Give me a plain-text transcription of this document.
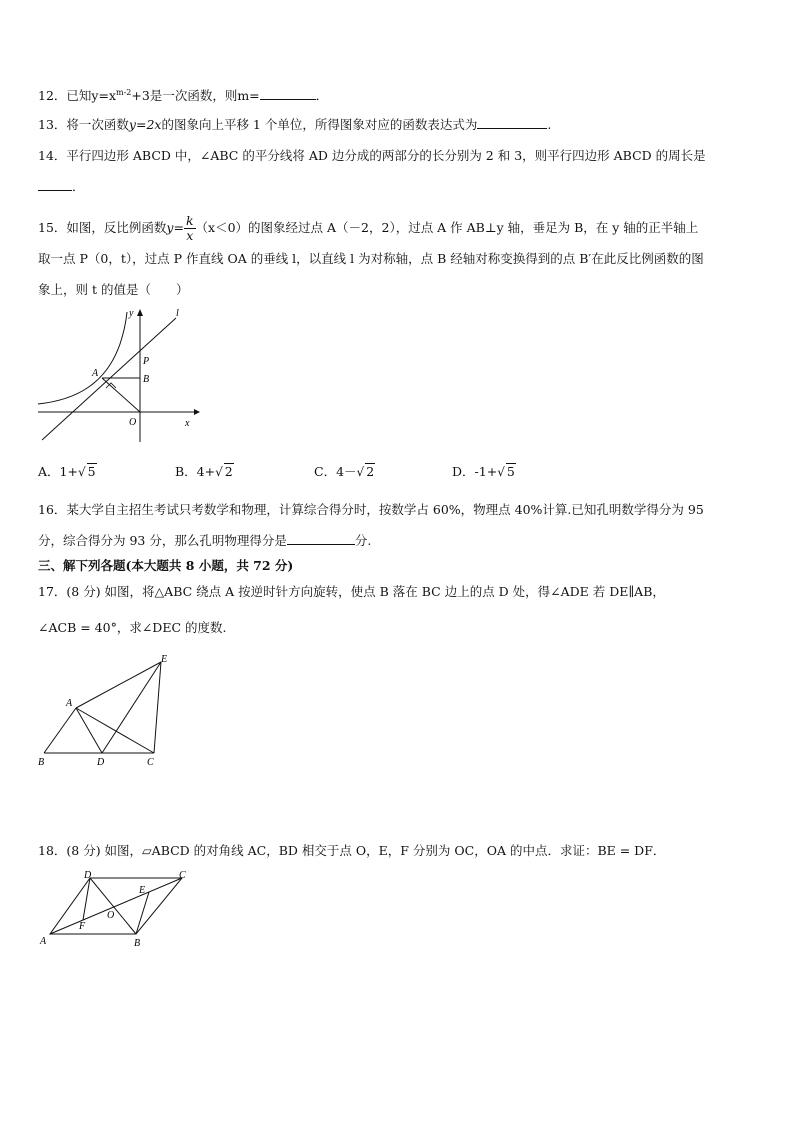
12．已知$y=x^{m-2}+3$是一次函数，则m=	．
13．将一次函数y=2x的图象向上平移 1 个单位，所得图象对应的函数表达式为	.
14．平行四边形 ABCD 中，∠ABC 的平分线将 AD 边分成的两部分的长分别为 2 和 3，则平行四边形 ABCD 的周长是
．
15．如图，反比例函数$y= \frac{k}{x} (x<0)$的图象经过点 A（－2，2），过点 A 作 AB⊥y 轴，垂足为 B，在 y 轴的正半轴上
取一点 P（0，t），过点 P 作直线 OA 的垂线 l，以直线 l 为对称轴，点 B 经轴对称变换得到的点 B′在此反比例函数的图
象上，则 t 的值是（　　）
y	l
P
A
B
O	x
A．1+√ 5	B．4+√ 2	C．4－√ 2	D．-1+√ 5
16．某大学自主招生考试只考数学和物理，计算综合得分时，按数学占 60%，物理点 40%计算.已知孔明数学得分为 95
分，综合得分为 93 分，那么孔明物理得分是	分.
三、解下列各题(本大题共 8 小题，共 72 分)
17．(8 分) 如图，将△ABC 绕点 A 按逆时针方向旋转，使点 B 落在 BC 边上的点 D 处，得∠ADE 若 DE∥AB，
∠ACB = 40°，求∠DEC 的度数.
A
B	C
D
E
18．(8 分) 如图，▱ABCD 的对角线 AC，BD 相交于点 O，E，F 分别为 OC，OA 的中点．求证：BE = DF．
A	B
C
D
E
F
O
